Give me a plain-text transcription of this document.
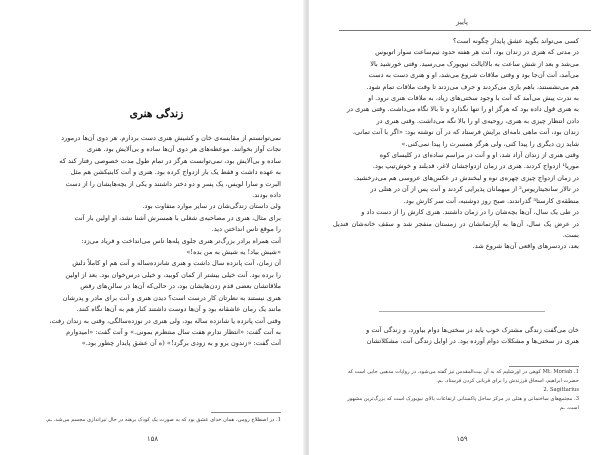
زندگی هنری

نمی‌توانستم از مقایسه‌ی خان و کشیش هنری دست بردارم. هر دوی آن‌ها درمورد

نجات آواز بخوانند. موعظه‌های هر دوی آن‌ها ساده و بی‌آلایش بود. هنری

ساده و بی‌آلایش بود، نمی‌توانست هرگز در تمام طول مدت خصوصی رفتار کند که

به عهده داشت و فقط یک بار ازدواج کرده بود. هنری و آنت کاینیکشن هم مثل

البرت و سارا لویس، یک پسر و دو دختر داشتند و یکی از بچه‌هایشان را از دست

داده بودند.

ولی داستان زندگی‌شان در سایر موارد متفاوت بود.

برای مثال، هنری در مصاحبه‌ی شغلی با همسرش آشنا نشد، او اولین بار آنت

را موقع تاس انداختن دید.

آنت همراه برادر بزرگ‌تر هنری جلوی پله‌ها تاس می‌انداخت و فریاد می‌زد:

«شیش بیاد! یه شیش به من بده!»

آن زمان، آنت پانزده سال داشت و هنری شانزده‌ساله و آنت هم او کاملاً دلش

را برده بود. آنت خیلی بیشتر از کمان کوبید، و خیلی درس‌خوان بود. بعد از اولین

ملاقاتشان بعضی قدم زدن‌هایشان بود، در حالی‌که آن‌ها در سالن‌های رقص

هنری نیستند به نظرتان کار درست است؟ دیدن هنری و آنت برای مادر و پدرشان

مانند یک رمان عاشقانه بود و آن‌ها دوست داشتند کنار هم به آن‌ها نگاه کنند.

وقتی آنت پانزده یا شانزده ساله بود، ولی هنری در نوزده‌سالگی، وقتی به زندان رفت،

به آنت گفت: «انتظار ندارم هفت سال منتظرم بمونی.» و آنت گفت: «امیدوارم

آنت گفت: «زندون برو و به زودی برگرد!» (ه آن عشق پایدار چطور بود.»

1. در اصطلاح رومی، همان خدای عشق بود که به صورت یک کودک برهنه در حال تیراندازی مجسم می‌شد. ـم.

۱۵۸
پاییز

کسی می‌تواند بگوید عشق پایدار چگونه است؟

در مدتی که هنری در زندان بود، آنت هر هفته حدود نیم‌ساعت سوار اتوبوس

می‌شد و بعد از شش ساعت به بالاایالت نیویورک می‌رسید. وقتی خورشید بالا

می‌آمد، آنت آن‌جا بود و وقتی ملاقات شروع می‌شد، او و هنری دست به دست

هم می‌نشستند، باهم بازی می‌کردند و حرف می‌زدند تا وقت ملاقات تمام شود.

به ندرت پیش می‌آمد که آنت با وجود سختی‌های زیاد، به ملاقات هنری نرود. او

به هنری قول داده بود که هرگز او را تنها نگذارد و تا بالا نگاه می‌داشت. وقتی هنری در

دادن انتظار چیزی به هنری، روحیه‌ی او را بالا نگه می‌داشت. وقتی هنری در

زندان بود، آنت ماهی نامه‌ای برایش فرستاد که در آن نوشته بود: «اگر با آنت تمانی،

شاید زن دیگری را پیدا کنی، ولی هرگز همسرت را پیدا نمی‌کنی.»

وقتی هنری از زندان آزاد شد، او و آنت در مراسم ساده‌ای در کلیسای کوه

موریا¹ ازدواج کردند. هنری در زمان ازدواجشان لاغر، قدبلند و خوش‌تیپ بود.

در زمان ازدواج چیزی چهره‌ی نوه و لبخندش در عکس‌های عروسی هم می‌درخشید.

در تالار سانجیتاریوس² از میهمانان پذیرایی کردند و آنت پس از آن در هتلی در

منطقه‌ی کارستا³ گذراندند. صبح روز دوشنبه، آنت سر کارش بود.

در طی یک سال، آن‌ها بچه‌شان را در زمان داشتند. هنری کارش را از دست داد و

در عرض یک سال، آن‌ها به آپارتمانشان در زمستان منفجر شد و سقف خانه‌شان فندیل بست.

بعد، دردسرهای واقعی آن‌ها شروع شد.

خان می‌گفت زندگی مشترک خوب باید در سختی‌ها دوام بیاورد، و زندگی آنت و

هنری در سختی‌ها و مشکلات دوام آورده بود. در اوایل زندگی آنت، مشکلاتشان

1. Mt. Moriah کوهی در اورشلیم که به آن بیت‌المقدس نیز گفته می‌شود. در روایات مذهبی جایی است که

حضرت ابراهیم، اسحاق فرزندش را برای قربانی کردن فرستاد. ـم.

2. Sagittarius

3. مجتمع‌های ساختمانی و هتلی در مرکز ساحل پاکستانی ارتفاعات بالای نیویورک است که بزرگ‌ترین مشهور

است. ـم

۱۵۹
